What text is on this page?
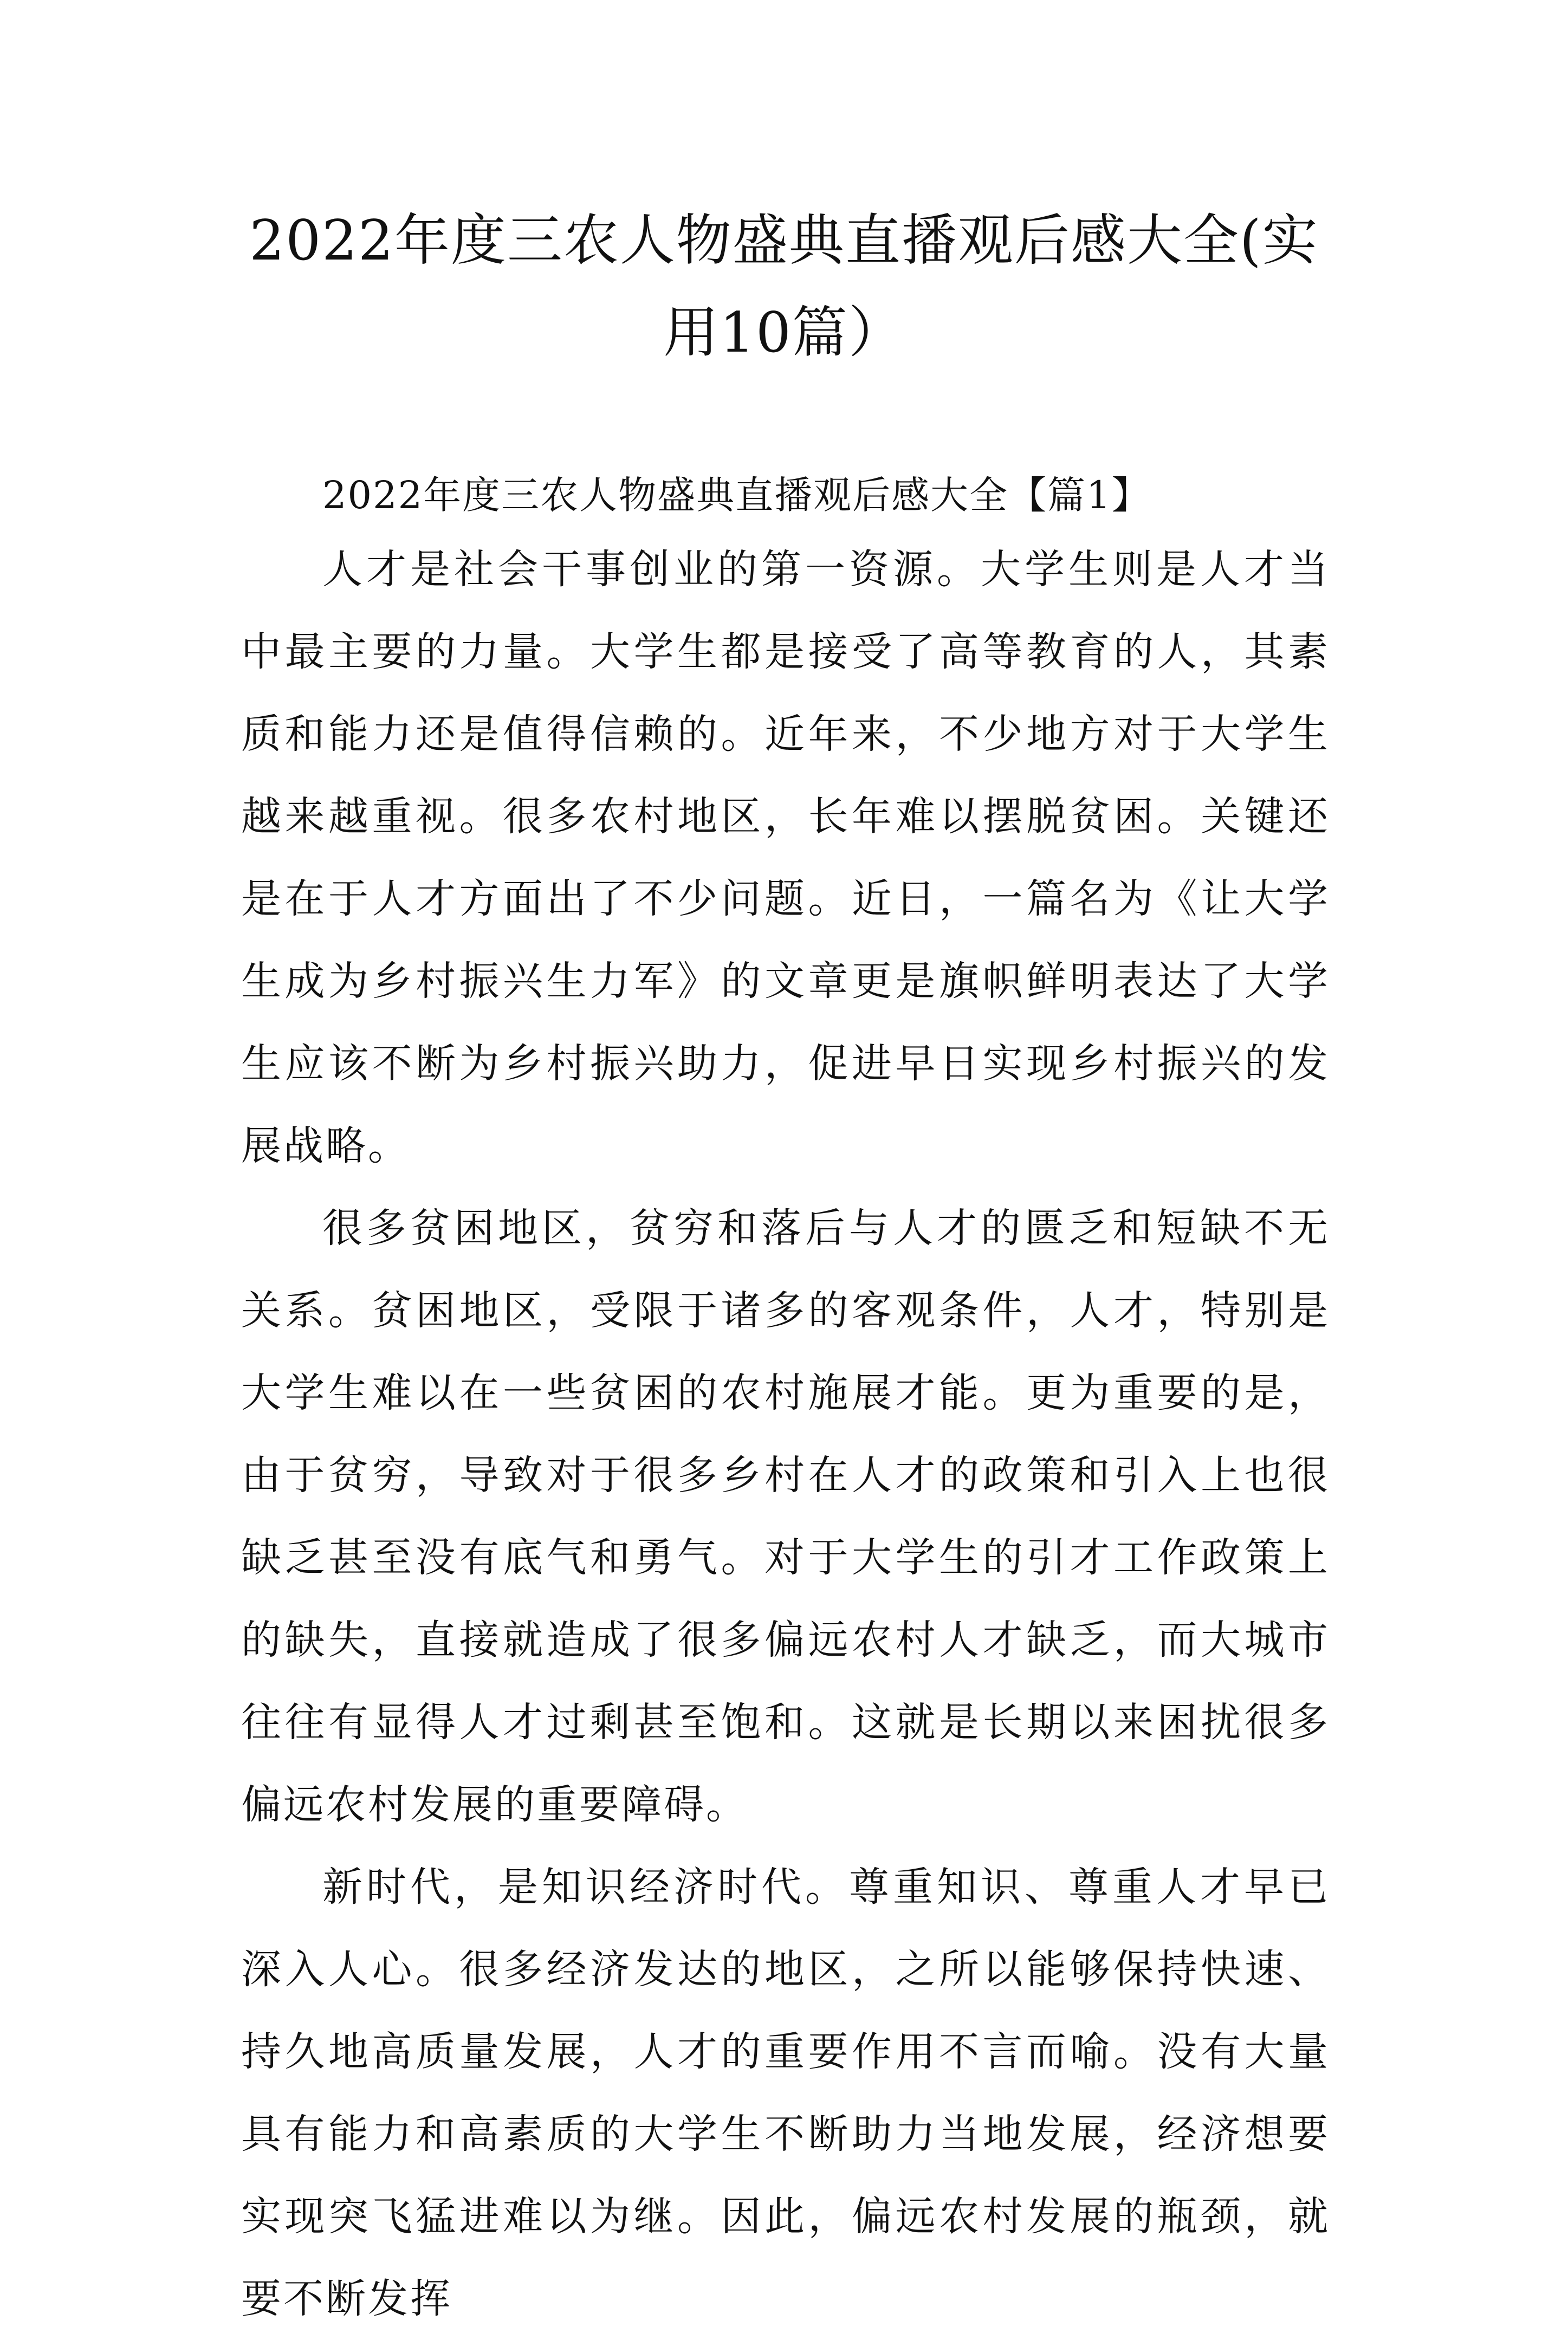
2022年度三农人物盛典直播观后感大全(实用10篇）
2022年度三农人物盛典直播观后感大全【篇1】

人才是社会干事创业的第一资源。大学生则是人才当中最主要的力量。大学生都是接受了高等教育的人，其素质和能力还是值得信赖的。近年来，不少地方对于大学生越来越重视。很多农村地区，长年难以摆脱贫困。关键还是在于人才方面出了不少问题。近日，一篇名为《让大学生成为乡村振兴生力军》的文章更是旗帜鲜明表达了大学生应该不断为乡村振兴助力，促进早日实现乡村振兴的发展战略。

很多贫困地区，贫穷和落后与人才的匮乏和短缺不无关系。贫困地区，受限于诸多的客观条件，人才，特别是大学生难以在一些贫困的农村施展才能。更为重要的是，由于贫穷，导致对于很多乡村在人才的政策和引入上也很缺乏甚至没有底气和勇气。对于大学生的引才工作政策上的缺失，直接就造成了很多偏远农村人才缺乏，而大城市往往有显得人才过剩甚至饱和。这就是长期以来困扰很多偏远农村发展的重要障碍。

新时代，是知识经济时代。尊重知识、尊重人才早已深入人心。很多经济发达的地区，之所以能够保持快速、持久地高质量发展，人才的重要作用不言而喻。没有大量具有能力和高素质的大学生不断助力当地发展，经济想要实现突飞猛进难以为继。因此，偏远农村发展的瓶颈，就要不断发挥
